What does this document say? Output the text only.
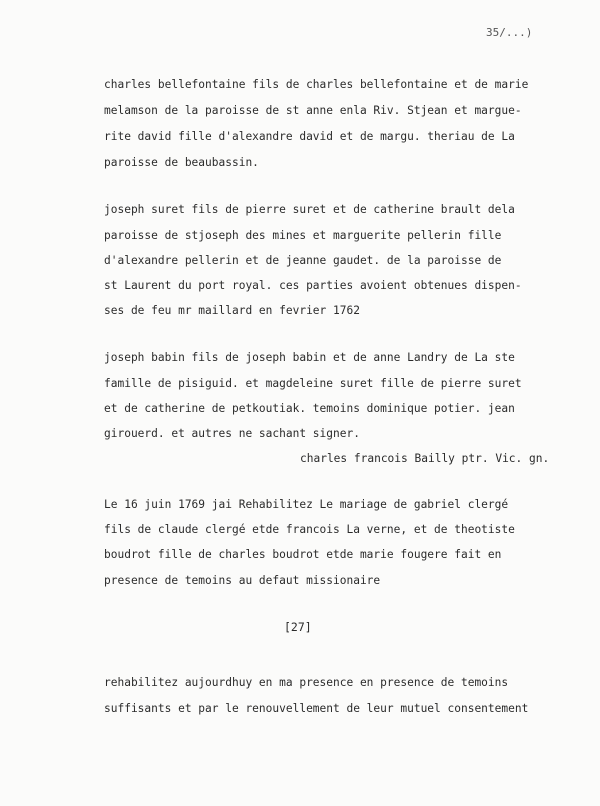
35/...)
charles bellefontaine fils de charles bellefontaine et de marie
melamson de la paroisse de st anne enla Riv. Stjean et margue-
rite david fille d'alexandre david et de margu. theriau de La
paroisse de beaubassin.
joseph suret fils de pierre suret et de catherine brault dela
paroisse de stjoseph des mines et marguerite pellerin fille
d'alexandre pellerin et de jeanne gaudet. de la paroisse de
st Laurent du port royal. ces parties avoient obtenues dispen-
ses de feu mr maillard en fevrier 1762
joseph babin fils de joseph babin et de anne Landry de La ste
famille de pisiguid. et magdeleine suret fille de pierre suret
et de catherine de petkoutiak. temoins dominique potier. jean
girouerd. et autres ne sachant signer.
charles francois Bailly ptr. Vic. gn.
Le 16 juin 1769 jai Rehabilitez Le mariage de gabriel clergé
fils de claude clergé etde francois La verne, et de theotiste
boudrot fille de charles boudrot etde marie fougere fait en
presence de temoins au defaut missionaire
[27]
rehabilitez aujourdhuy en ma presence en presence de temoins
suffisants et par le renouvellement de leur mutuel consentement
